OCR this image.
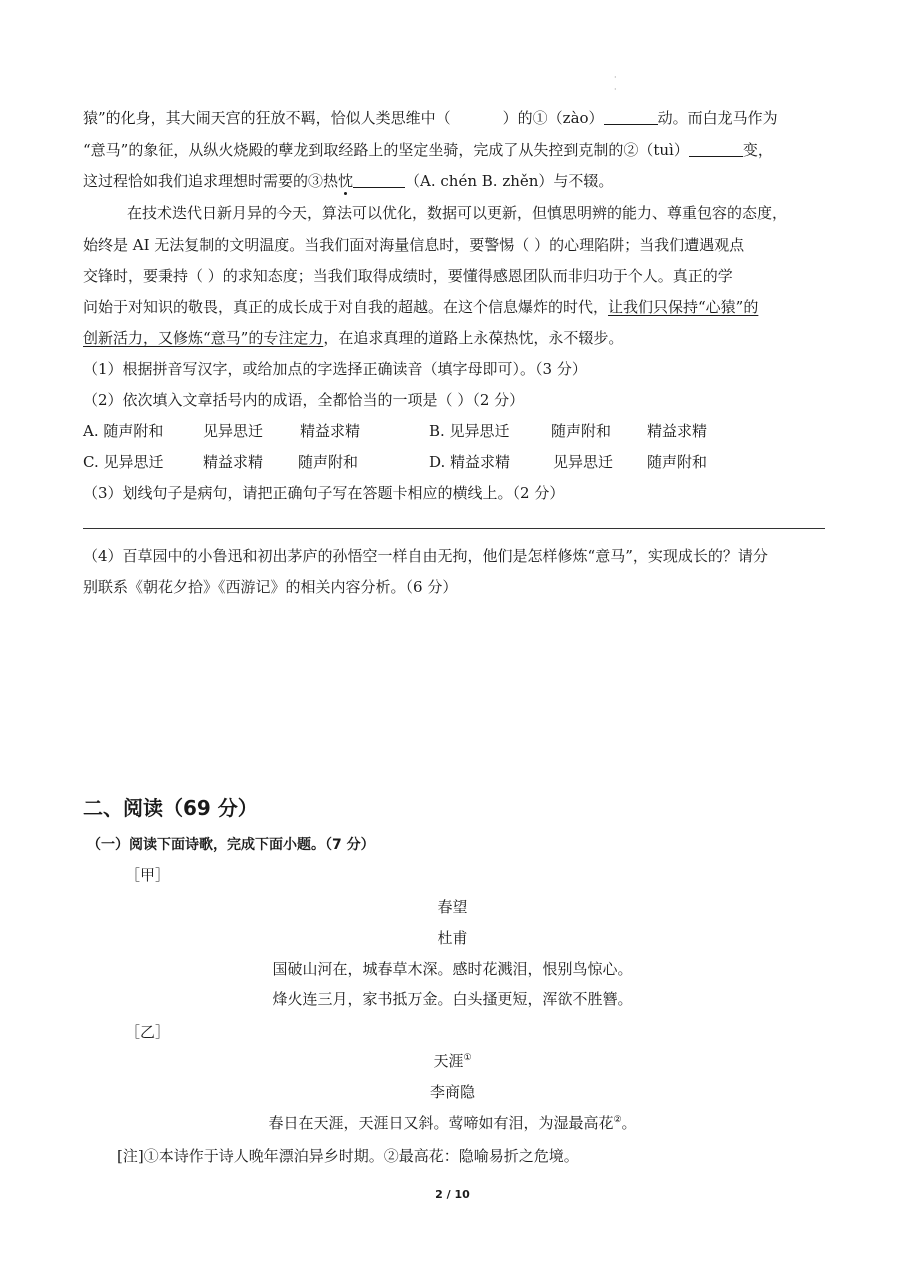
·
·
猿”的化身，其大闹天宫的狂放不羁，恰似人类思维中（	）的①（zào）	动。而白龙马作为
“意马”的象征，从纵火烧殿的孽龙到取经路上的坚定坐骑，完成了从失控到克制的②（tuì）	变，
这过程恰如我们追求理想时需要的③热忱	（A. chén B. zhěn）与不辍。
在技术迭代日新月异的今天，算法可以优化，数据可以更新，但慎思明辨的能力、尊重包容的态度，
始终是 AI 无法复制的文明温度。当我们面对海量信息时，要警惕（ ）的心理陷阱；当我们遭遇观点
交锋时，要秉持（ ）的求知态度；当我们取得成绩时，要懂得感恩团队而非归功于个人。真正的学
问始于对知识的敬畏，真正的成长成于对自我的超越。在这个信息爆炸的时代，让我们只保持“心猿”的
创新活力，又修炼“意马”的专注定力，在追求真理的道路上永葆热忱，永不辍步。
（1）根据拼音写汉字，或给加点的字选择正确读音（填字母即可）。（3 分）
（2）依次填入文章括号内的成语，全都恰当的一项是（ ）（2 分）
A. 随声附和	见异思迁 精益求精	B. 见异思迁	随声附和 精益求精
C. 见异思迁	精益求精 随声附和	D. 精益求精	见异思迁 随声附和
（3）划线句子是病句，请把正确句子写在答题卡相应的横线上。（2 分）
（4）百草园中的小鲁迅和初出茅庐的孙悟空一样自由无拘，他们是怎样修炼“意马”，实现成长的？请分
别联系《朝花夕拾》《西游记》的相关内容分析。（6 分）
二、阅读（69 分）
（一）阅读下面诗歌，完成下面小题。（7 分）
［甲］
春望
杜甫
国破山河在，城春草木深。感时花溅泪，恨别鸟惊心。
烽火连三月，家书抵万金。白头搔更短，浑欲不胜簪。
［乙］
天涯①
李商隐
春日在天涯，天涯日又斜。莺啼如有泪，为湿最高花②。
[注]①本诗作于诗人晚年漂泊异乡时期。②最高花：隐喻易折之危境。
2 / 10
